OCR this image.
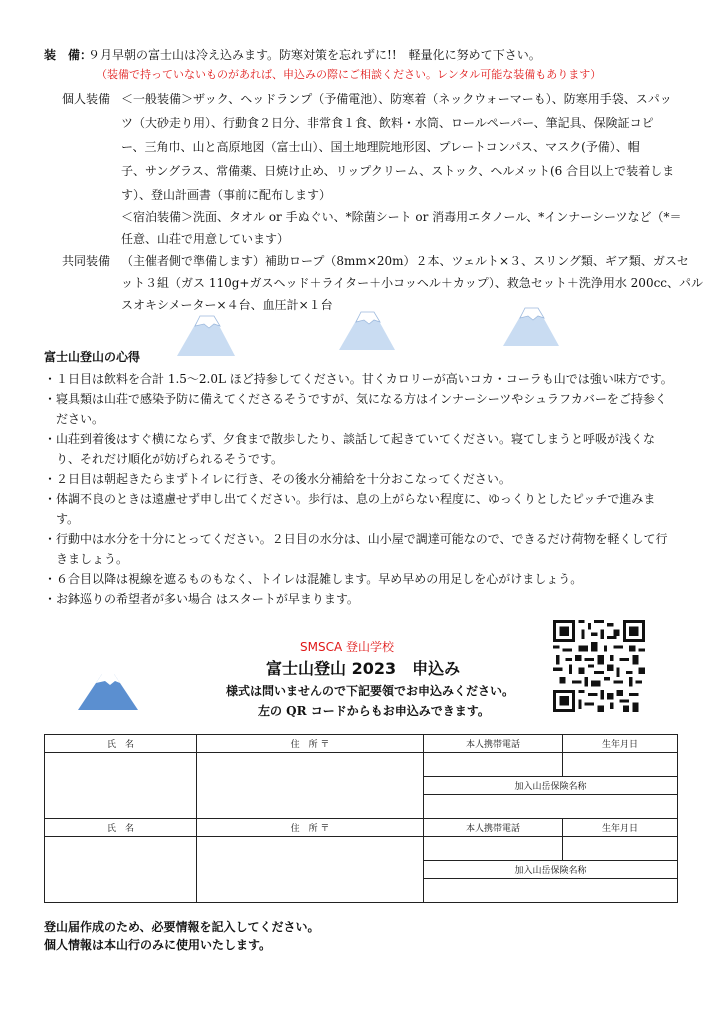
装　備：
９月早朝の富士山は冷え込みます。防寒対策を忘れずに!!　軽量化に努めて下さい。
（装備で持っていないものがあれば、申込みの際にご相談ください。レンタル可能な装備もあります）
個人装備 ＜一般装備＞ザック、ヘッドランプ（予備電池）、防寒着（ネックウォーマーも）、防寒用手袋、スパッ
ツ（大砂走り用）、行動食２日分、非常食１食、飲料・水筒、ロールペーパー、筆記具、保険証コピ
ー、三角巾、山と高原地図（富士山）、国土地理院地形図、プレートコンパス、マスク(予備）、帽
子、サングラス、常備薬、日焼け止め、リップクリーム、ストック、ヘルメット(6 合目以上で装着しま
す）、登山計画書（事前に配布します）
＜宿泊装備＞洗面、タオル or 手ぬぐい、*除菌シート or 消毒用エタノール、*インナーシーツなど（*＝
任意、山荘で用意しています）
共同装備 （主催者側で準備します）補助ロープ（8mm×20m）２本、ツェルト×３、スリング類、ギア類、ガスセ
ット３組（ガス 110g+ガスヘッド＋ライター＋小コッヘル＋カップ）、救急セット＋洗浄用水 200cc、パル
スオキシメーター×４台、血圧計×１台
富士山登山の心得
・１日目は飲料を合計 1.5〜2.0L ほど持参してください。甘くカロリーが高いコカ・コーラも山では強い味方です。
・寝具類は山荘で感染予防に備えてくださるそうですが、気になる方はインナーシーツやシュラフカバーをご持参く
　ださい。
・山荘到着後はすぐ横にならず、夕食まで散歩したり、談話して起きていてください。寝てしまうと呼吸が浅くな
　り、それだけ順化が妨げられるそうです。
・２日目は朝起きたらまずトイレに行き、その後水分補給を十分おこなってください。
・体調不良のときは遠慮せず申し出てください。歩行は、息の上がらない程度に、ゆっくりとしたピッチで進みま
　す。
・行動中は水分を十分にとってください。２日目の水分は、山小屋で調達可能なので、できるだけ荷物を軽くして行
　きましょう。
・６合目以降は視線を遮るものもなく、トイレは混雑します。早め早めの用足しを心がけましょう。
・お鉢巡りの希望者が多い場合 はスタートが早まります。
SMSCA 登山学校
富士山登山 2023　申込み
様式は問いませんので下記要領でお申込みください。
左の QR コードからもお申込みできます。
氏　名	住　所 〒	本人携帯電話	生年月日

		加入山岳保険名称	

氏　名	住　所 〒	本人携帯電話	生年月日

		加入山岳保険名称	

登山届作成のため、必要情報を記入してください。
個人情報は本山行のみに使用いたします。
